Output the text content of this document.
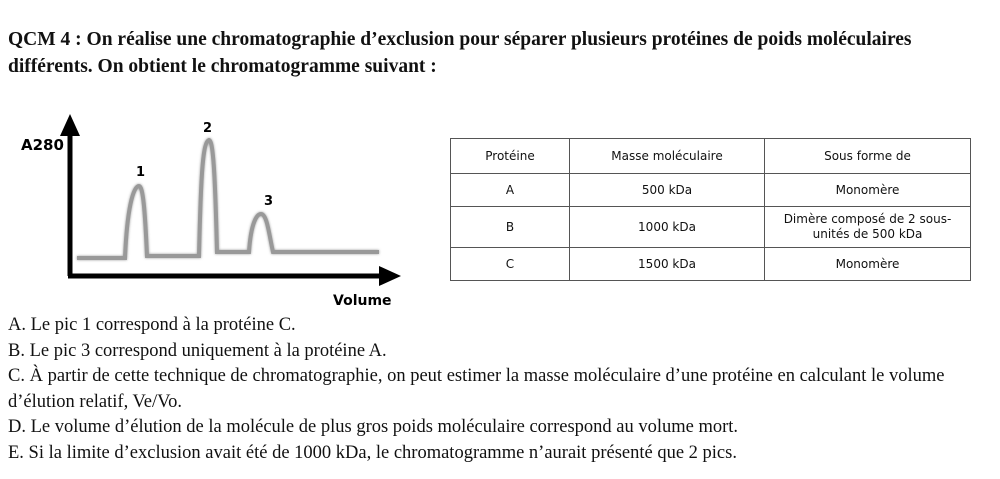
QCM 4 : On réalise une chromatographie d’exclusion pour séparer plusieurs protéines de poids moléculaires différents. On obtient le chromatogramme suivant :
A280
1
2
3
Volume
Protéine	Masse moléculaire	Sous forme de
A	500 kDa	Monomère
B	1000 kDa	Dimère composé de 2 sous-unités de 500 kDa
C	1500 kDa	Monomère
A. Le pic 1 correspond à la protéine C.
B. Le pic 3 correspond uniquement à la protéine A.
C. À partir de cette technique de chromatographie, on peut estimer la masse moléculaire d’une protéine en calculant le volume d’élution relatif, Ve/Vo.
D. Le volume d’élution de la molécule de plus gros poids moléculaire correspond au volume mort.
E. Si la limite d’exclusion avait été de 1000 kDa, le chromatogramme n’aurait présenté que 2 pics.
